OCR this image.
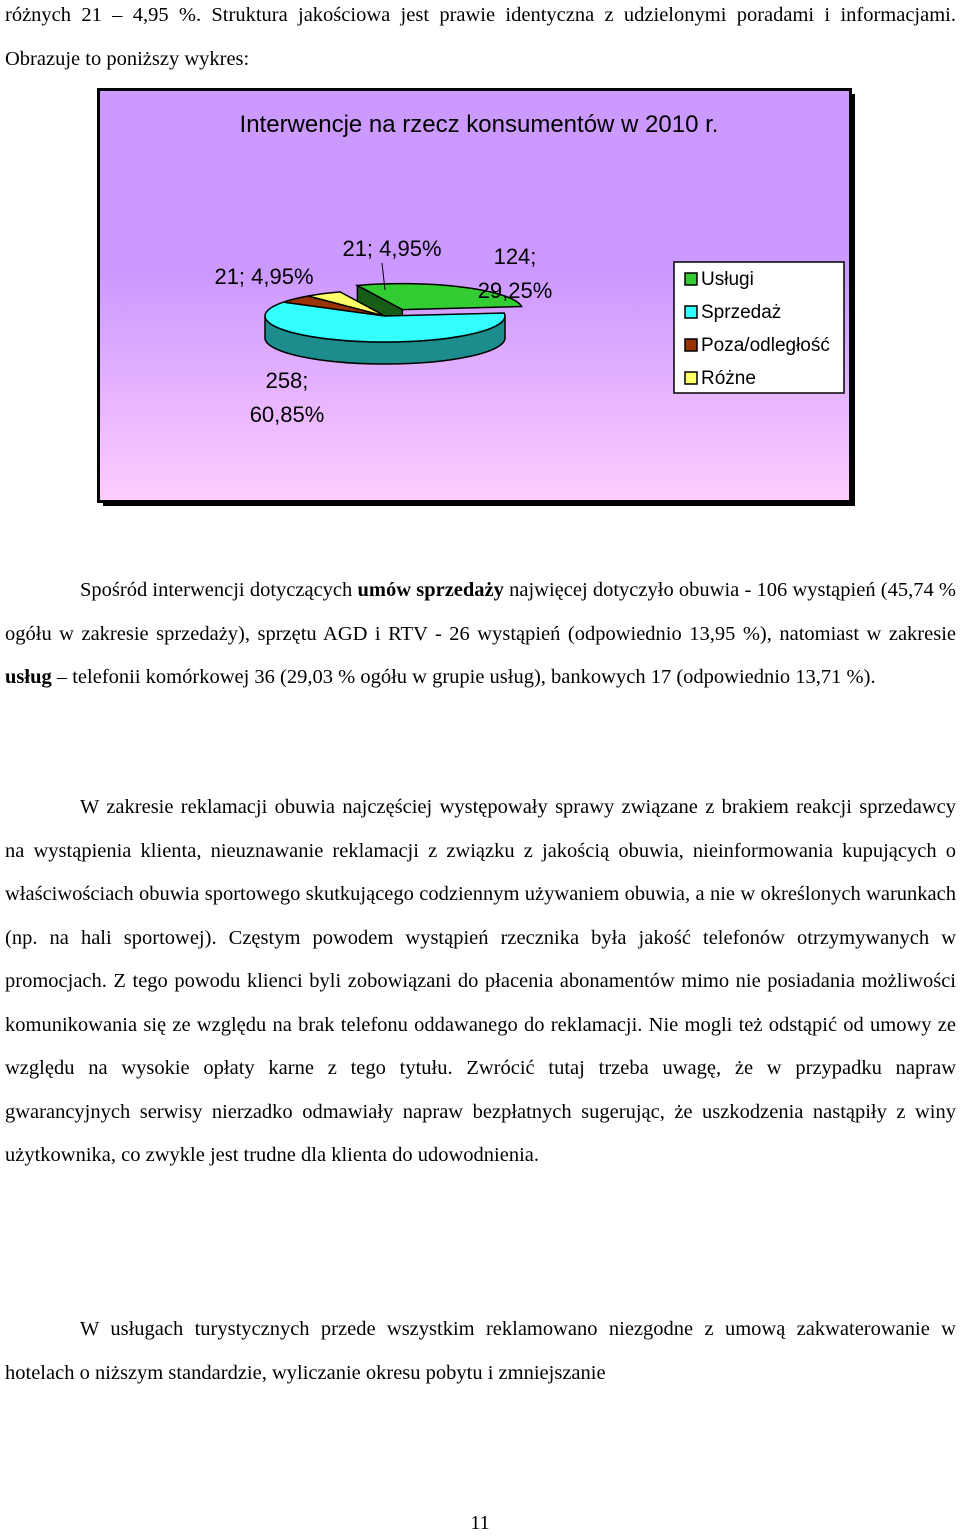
różnych 21 – 4,95 %. Struktura jakościowa jest prawie identyczna z udzielonymi poradami i informacjami. Obrazuje to poniższy wykres:

Interwencje na rzecz konsumentów w 2010 r.
124; 29,25%
258; 60,85%
21; 4,95%
21; 4,95%
Usługi
Sprzedaż
Poza/odległość
Różne

Spośród interwencji dotyczących umów sprzedaży najwięcej dotyczyło obuwia - 106 wystąpień (45,74 % ogółu w zakresie sprzedaży), sprzętu AGD i RTV - 26 wystąpień (odpowiednio 13,95 %), natomiast w zakresie usług – telefonii komórkowej 36 (29,03 % ogółu w grupie usług), bankowych 17 (odpowiednio 13,71 %).

W zakresie reklamacji obuwia najczęściej występowały sprawy związane z brakiem reakcji sprzedawcy na wystąpienia klienta, nieuznawanie reklamacji z związku z jakością obuwia, nieinformowania kupujących o właściwościach obuwia sportowego skutkującego codziennym używaniem obuwia, a nie w określonych warunkach (np. na hali sportowej). Częstym powodem wystąpień rzecznika była jakość telefonów otrzymywanych w promocjach. Z tego powodu klienci byli zobowiązani do płacenia abonamentów mimo nie posiadania możliwości komunikowania się ze względu na brak telefonu oddawanego do reklamacji. Nie mogli też odstąpić od umowy ze względu na wysokie opłaty karne z tego tytułu. Zwrócić tutaj trzeba uwagę, że w przypadku napraw gwarancyjnych serwisy nierzadko odmawiały napraw bezpłatnych sugerując, że uszkodzenia nastąpiły z winy użytkownika, co zwykle jest trudne dla klienta do udowodnienia.

W usługach turystycznych przede wszystkim reklamowano niezgodne z umową zakwaterowanie w hotelach o niższym standardzie, wyliczanie okresu pobytu i zmniejszanie

11
